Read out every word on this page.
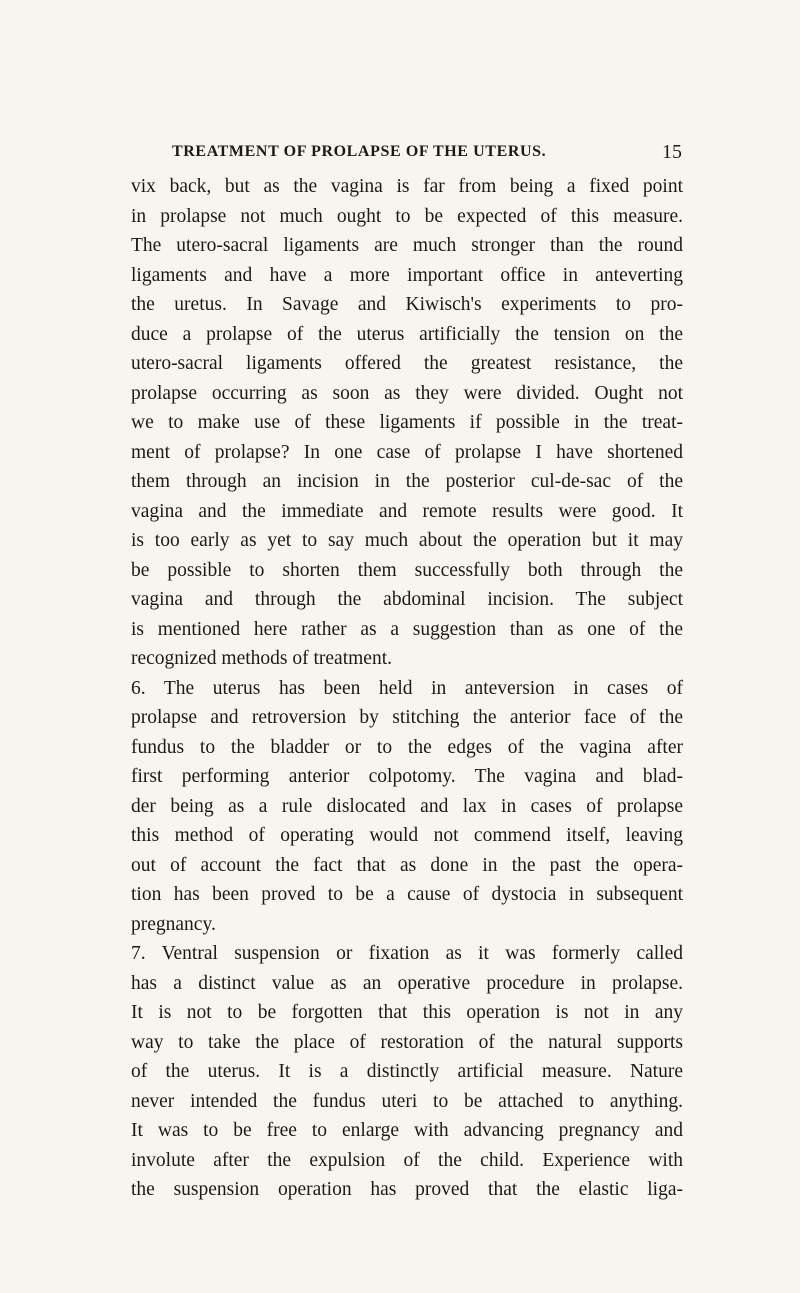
TREATMENT OF PROLAPSE OF THE UTERUS.	15
vix back, but as the vagina is far from being a fixed point
in prolapse not much ought to be expected of this measure.
The utero-sacral ligaments are much stronger than the round
ligaments and have a more important office in anteverting
the uretus. In Savage and Kiwisch's experiments to pro-
duce a prolapse of the uterus artificially the tension on the
utero-sacral ligaments offered the greatest resistance, the
prolapse occurring as soon as they were divided. Ought not
we to make use of these ligaments if possible in the treat-
ment of prolapse? In one case of prolapse I have shortened
them through an incision in the posterior cul-de-sac of the
vagina and the immediate and remote results were good. It
is too early as yet to say much about the operation but it may
be possible to shorten them successfully both through the
vagina and through the abdominal incision. The subject
is mentioned here rather as a suggestion than as one of the
recognized methods of treatment.
6. The uterus has been held in anteversion in cases of
prolapse and retroversion by stitching the anterior face of the
fundus to the bladder or to the edges of the vagina after
first performing anterior colpotomy. The vagina and blad-
der being as a rule dislocated and lax in cases of prolapse
this method of operating would not commend itself, leaving
out of account the fact that as done in the past the opera-
tion has been proved to be a cause of dystocia in subsequent
pregnancy.
7. Ventral suspension or fixation as it was formerly called
has a distinct value as an operative procedure in prolapse.
It is not to be forgotten that this operation is not in any
way to take the place of restoration of the natural supports
of the uterus. It is a distinctly artificial measure. Nature
never intended the fundus uteri to be attached to anything.
It was to be free to enlarge with advancing pregnancy and
involute after the expulsion of the child. Experience with
the suspension operation has proved that the elastic liga-
